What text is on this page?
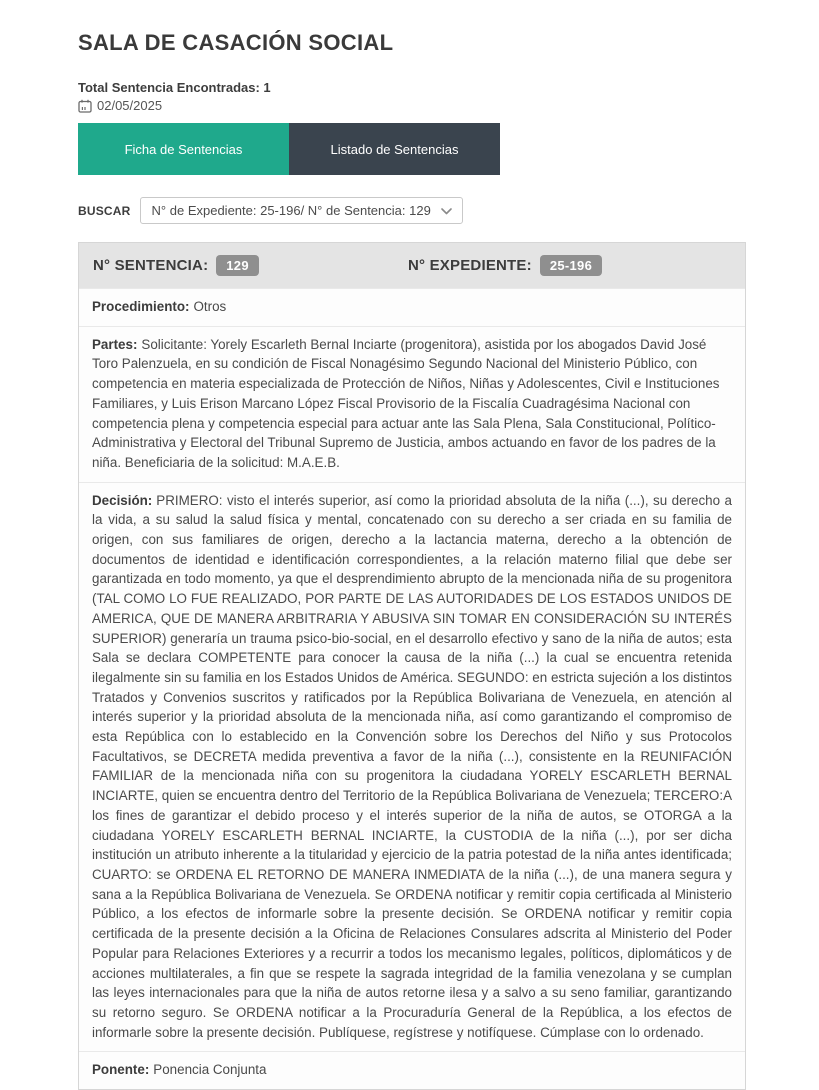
SALA DE CASACIÓN SOCIAL
Total Sentencia Encontradas: 1
02/05/2025
Ficha de Sentencias	Listado de Sentencias
BUSCAR N° de Expediente: 25-196/ N° de Sentencia: 129
N° SENTENCIA:	129	N° EXPEDIENTE:	25-196
Procedimiento: Otros
Partes: Solicitante: Yorely Escarleth Bernal Inciarte (progenitora), asistida por los abogados David José Toro Palenzuela, en su condición de Fiscal Nonagésimo Segundo Nacional del Ministerio Público, con competencia en materia especializada de Protección de Niños, Niñas y Adolescentes, Civil e Instituciones Familiares, y Luis Erison Marcano López Fiscal Provisorio de la Fiscalía Cuadragésima Nacional con competencia plena y competencia especial para actuar ante las Sala Plena, Sala Constitucional, Político-Administrativa y Electoral del Tribunal Supremo de Justicia, ambos actuando en favor de los padres de la niña. Beneficiaria de la solicitud: M.A.E.B.
Decisión: PRIMERO: visto el interés superior, así como la prioridad absoluta de la niña (...), su derecho a la vida, a su salud la salud física y mental, concatenado con su derecho a ser criada en su familia de origen, con sus familiares de origen, derecho a la lactancia materna, derecho a la obtención de documentos de identidad e identificación correspondientes, a la relación materno filial que debe ser garantizada en todo momento, ya que el desprendimiento abrupto de la mencionada niña de su progenitora (TAL COMO LO FUE REALIZADO, POR PARTE DE LAS AUTORIDADES DE LOS ESTADOS UNIDOS DE AMERICA, QUE DE MANERA ARBITRARIA Y ABUSIVA SIN TOMAR EN CONSIDERACIÓN SU INTERÉS SUPERIOR) generaría un trauma psico-bio-social, en el desarrollo efectivo y sano de la niña de autos; esta Sala se declara COMPETENTE para conocer la causa de la niña (...) la cual se encuentra retenida ilegalmente sin su familia en los Estados Unidos de América. SEGUNDO: en estricta sujeción a los distintos Tratados y Convenios suscritos y ratificados por la República Bolivariana de Venezuela, en atención al interés superior y la prioridad absoluta de la mencionada niña, así como garantizando el compromiso de esta República con lo establecido en la Convención sobre los Derechos del Niño y sus Protocolos Facultativos, se DECRETA medida preventiva a favor de la niña (...), consistente en la REUNIFACIÓN FAMILIAR de la mencionada niña con su progenitora la ciudadana YORELY ESCARLETH BERNAL INCIARTE, quien se encuentra dentro del Territorio de la República Bolivariana de Venezuela; TERCERO:A los fines de garantizar el debido proceso y el interés superior de la niña de autos, se OTORGA a la ciudadana YORELY ESCARLETH BERNAL INCIARTE, la CUSTODIA de la niña (...), por ser dicha institución un atributo inherente a la titularidad y ejercicio de la patria potestad de la niña antes identificada; CUARTO: se ORDENA EL RETORNO DE MANERA INMEDIATA de la niña (...), de una manera segura y sana a la República Bolivariana de Venezuela. Se ORDENA notificar y remitir copia certificada al Ministerio Público, a los efectos de informarle sobre la presente decisión. Se ORDENA notificar y remitir copia certificada de la presente decisión a la Oficina de Relaciones Consulares adscrita al Ministerio del Poder Popular para Relaciones Exteriores y a recurrir a todos los mecanismo legales, políticos, diplomáticos y de acciones multilaterales, a fin que se respete la sagrada integridad de la familia venezolana y se cumplan las leyes internacionales para que la niña de autos retorne ilesa y a salvo a su seno familiar, garantizando su retorno seguro. Se ORDENA notificar a la Procuraduría General de la República, a los efectos de informarle sobre la presente decisión. Publíquese, regístrese y notifíquese. Cúmplase con lo ordenado.
Ponente: Ponencia Conjunta
